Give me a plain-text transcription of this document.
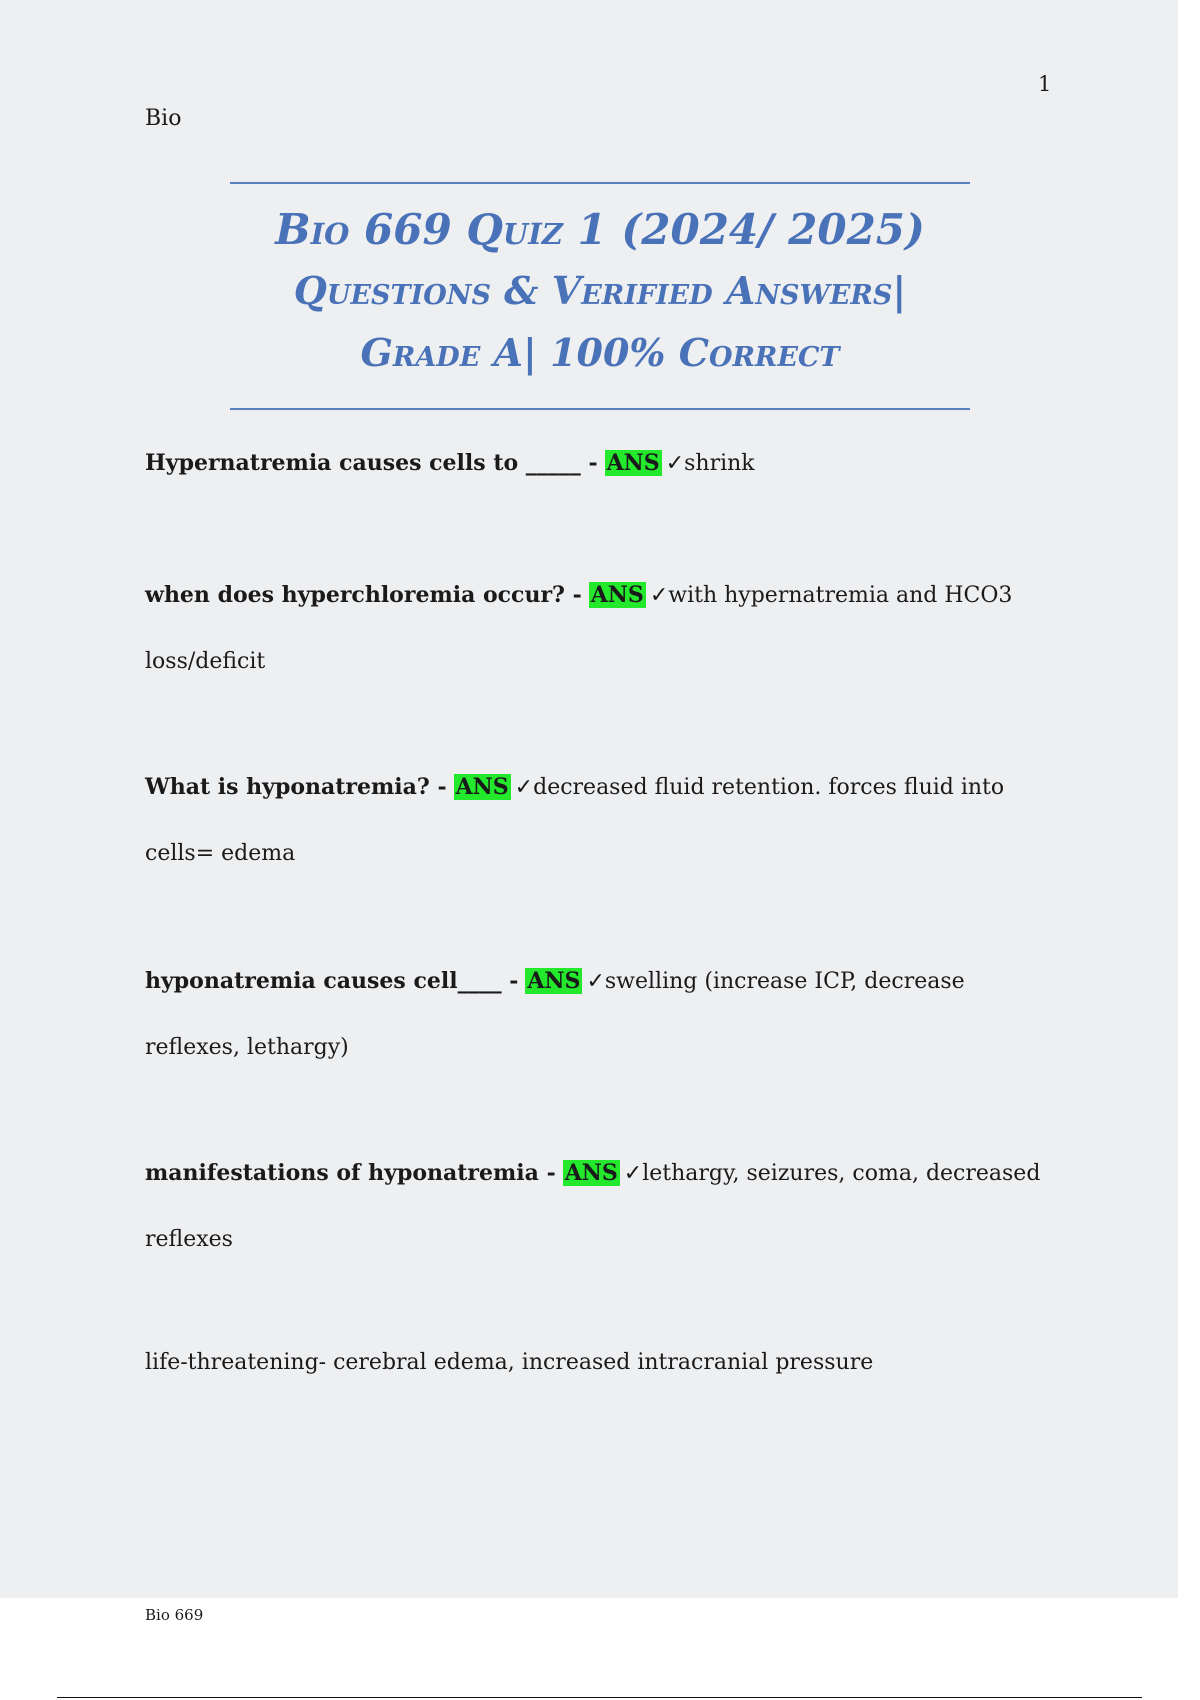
1
Bio
Bio 669 Quiz 1 (2024/ 2025)
Questions & Verified Answers|
Grade A| 100% Correct

Hypernatremia causes cells to _____ - ANS ✓shrink

when does hyperchloremia occur? - ANS ✓with hypernatremia and HCO3 loss/deficit

What is hyponatremia? - ANS ✓decreased fluid retention. forces fluid into cells= edema

hyponatremia causes cell____ - ANS ✓swelling (increase ICP, decrease reflexes, lethargy)

manifestations of hyponatremia - ANS ✓lethargy, seizures, coma, decreased reflexes

life-threatening- cerebral edema, increased intracranial pressure

Bio 669
